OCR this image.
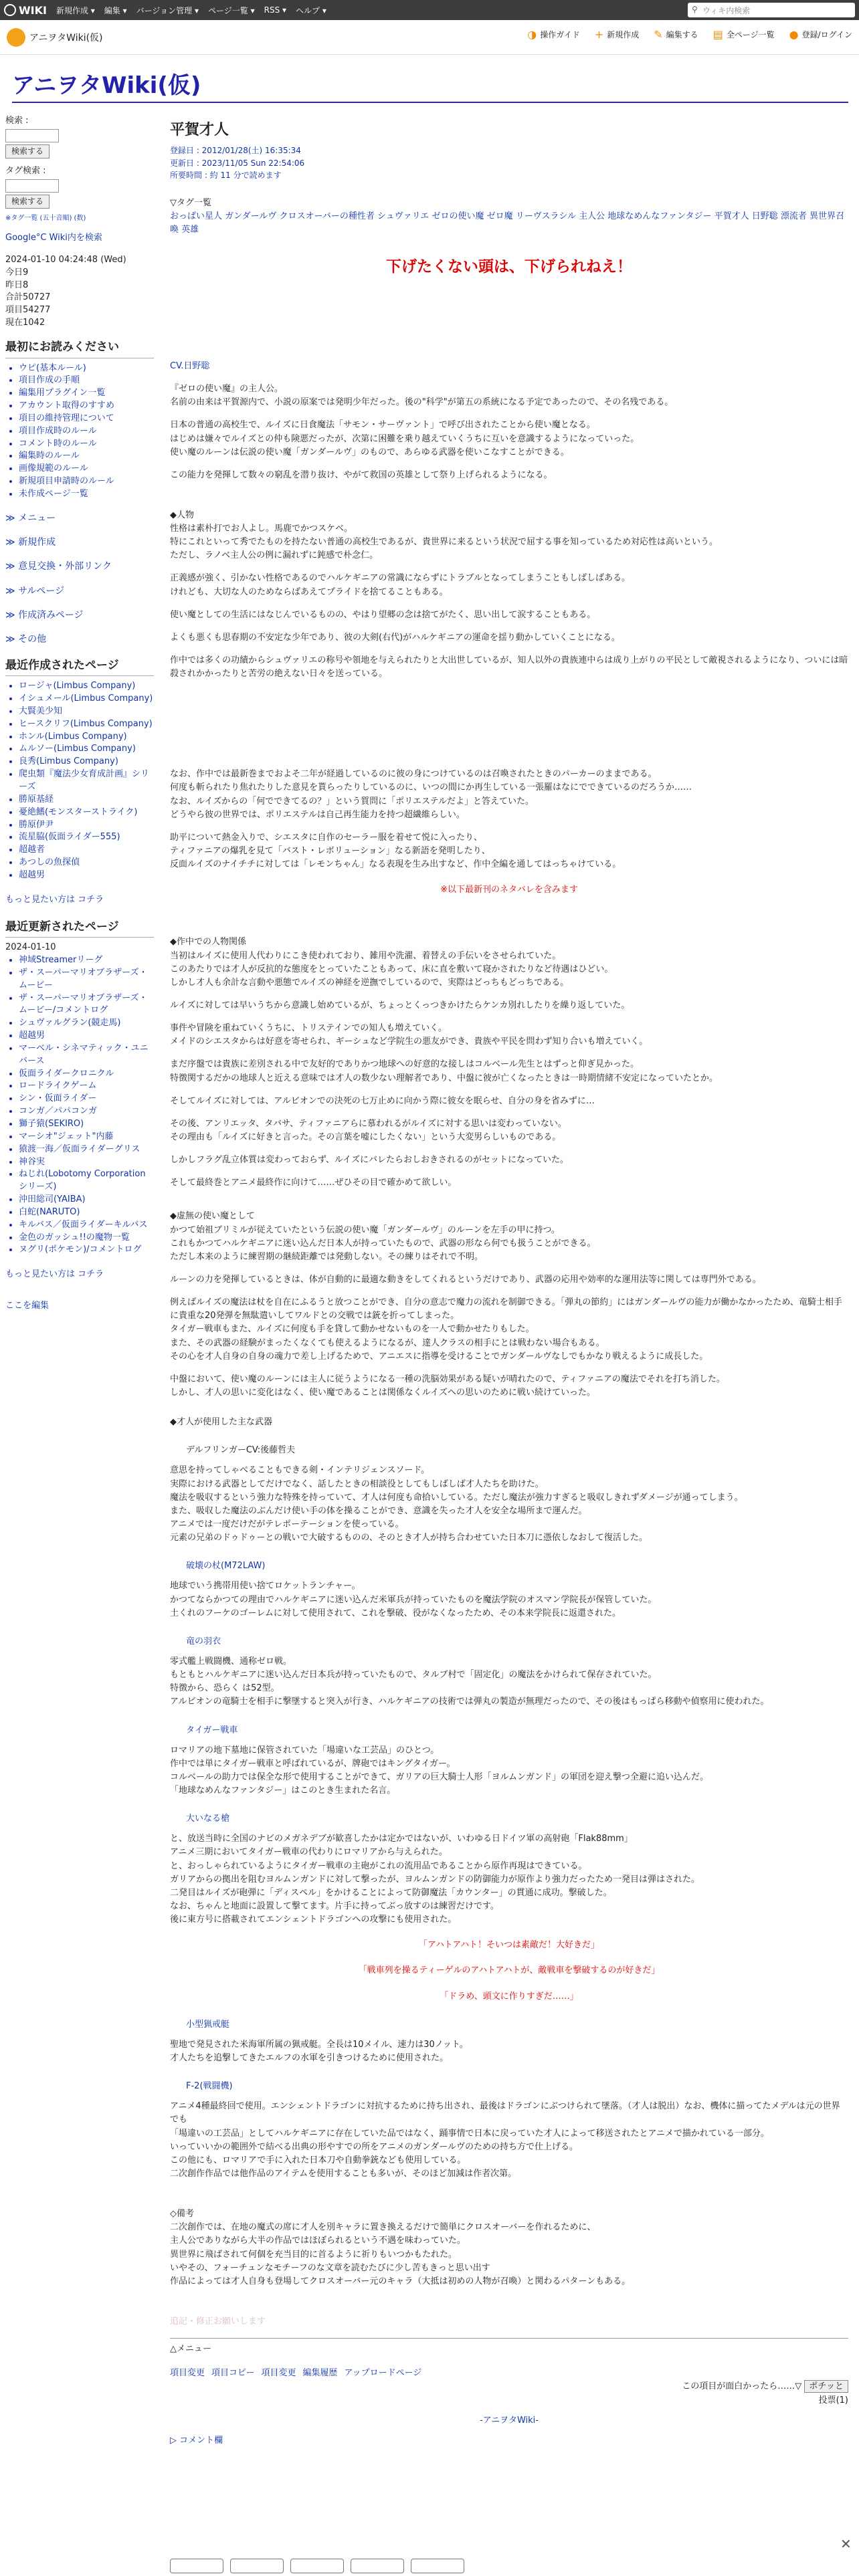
WIKI 新規作成 ▾ 編集 ▾ バージョン管理 ▾ ページ一覧 ▾ RSS ▾ ヘルプ ▾	⚲ ウィキ内検索
アニヲタWiki(仮)	◑ 操作ガイド + 新規作成 ✎ 編集する ▤ 全ページ一覧 ● 登録/ログイン
アニヲタWiki(仮)
検索 :
検索する
タグ検索 :
検索する
※タグ一覧 (五十音順) (数)
Google°C Wiki内を検索
2024-01-10 04:24:48 (Wed)
今日9
昨日8
合計50727
項目54277
現在1042
最初にお読みください
• ウピ(基本ルール)
• 項目作成の手順
• 編集用プラグイン一覧
• アカウント取得のすすめ
• 項目の維持管理について
• 項目作成時のルール
• コメント時のルール
• 編集時のルール
• 画像規範のルール
• 新規項目申請時のルール
• 未作成ページ一覧
≫ メニュー
≫ 新規作成
≫ 意見交換・外部リンク
≫ サルページ
≫ 作成済みページ
≫ その他
最近作成されたページ
• ロージャ(Limbus Company)
• イシュメール(Limbus Company)
• 大賢美少知
• ヒースクリフ(Limbus Company)
• ホンル(Limbus Company)
• ムルソー(Limbus Company)
• 良秀(Limbus Company)
• 爬虫類『魔法少女育成計画』シリーズ
• 勝原基経
• 憂絶鰭(モンスターストライク)
• 勝原伊尹
• 流星脇(仮面ライダー555)
• 超越者
• あつしの魚探偵
• 超越男
もっと見たい方は コチラ
最近更新されたページ
2024-01-10
• 神域Streamerリーグ
• ザ・スーパーマリオブラザーズ・ムービー
• ザ・スーパーマリオブラザーズ・ムービー/コメントログ
• シュヴァルグラン(競走馬)
• 超越男
• マーベル・シネマティック・ユニバース
• 仮面ライダークロニクル
• ロードライクゲーム
• シン・仮面ライダー
• コンガ／パパコンガ
• 獅子猿(SEKIRO)
• マーシオ"ジェット"内藤
• 猿渡一海／仮面ライダーグリス
• 神谷実
• ねじれ(Lobotomy Corporationシリーズ)
• 沖田総司(YAIBA)
• 白蛇(NARUTO)
• キルバス／仮面ライダーキルバス
• 金色のガッシュ!!の魔物一覧
• ヌグリ(ポケモン)/コメントログ
もっと見たい方は コチラ
ここを編集
平賀才人
登録日 : 2012/01/28(土) 16:35:34
更新日 : 2023/11/05 Sun 22:54:06
所要時間 : 約 11 分で読めます
▽タグ一覧
おっぱい星人 ガンダールヴ クロスオーバーの種性者 シュヴァリエ ゼロの使い魔 ゼロ魔 リーヴスラシル 主人公 地球なめんなファンタジー 平賀才人 日野聡 漂流者 異世界召喚 英雄
下げたくない頭は、下げられねえ！

CV.日野聡

『ゼロの使い魔』の主人公。
名前の由来は平賀源内で、小説の原案では発明少年だった。後の"科学"が第五の系統になる予定であったので、その名残である。
日本の普通の高校生で、ルイズに日食魔法「サモン・サーヴァント」で呼び出されたことから使い魔となる。
はじめは嫌々でルイズとの仲も険悪だったが、次第に困難を乗り越えていくうちに互いを意識するようになっていった。
使い魔のルーンは伝説の使い魔「ガンダールヴ」のもので、あらゆる武器を使いこなすことができる。
この能力を発揮して数々の窮乱を潜り抜け、やがて救国の英雄として祭り上げられるようになる。

◆人物

性格は素朴打でお人よし。馬鹿でかつスケベ。
特にこれといって秀でたものを持たない普通の高校生であるが、貴世界に来るという状況で屈する事を知っているため対応性は高いという。
ただし、ラノベ主人公の例に漏れずに鈍感で朴念仁。
正義感が強く、引かない性格であるのでハルケギニアの常識にならずにトラブルとなってしまうこともしばしばある。
けれども、大切な人のためならばあえてプライドを捨てることもある。
使い魔としての生活にはなじんでいるものの、やはり望郷の念は捨てがたく、思い出して涙することもある。
よくも悪くも思春期の不安定な少年であり、彼の大剣(右代)がハルケギニアの運命を揺り動かしていくことになる。
作中では多くの功績からシュヴァリエの称号や領地を与えられたりと大出世しているが、知人以外の貴族連中らは成り上がりの平民として敵視されるようになり、ついには暗殺されかかったりと苦労の絶えない日々を送っている。
なお、作中では最新巻までおよそ二年が経過しているのに彼の身につけているのは召喚されたときのパーカーのままである。
何度も斬られたり焦れたりした意見を貰らったりしているのに、いつの間にか再生している一張羅はなにでできているのだろうか……
なお、ルイズからの「何でできてるの？」という質問に「ポリエステルだよ」と答えていた。
どうやら彼の世界では、ポリエステルは自己再生能力を持つ超繊維らしい。
助平について熱金入りで、シエスタに自作のセーラー服を着せて悦に入ったり、
ティファニアの爆乳を見て「バスト・レボリューション」なる新語を発明したり、
反面ルイズのナイチチに対しては「レモンちゃん」なる表現を生み出すなど、作中全編を通してはっちゃけている。
※以下最新刊のネタバレを含みます

◆作中での人物関係

当初はルイズに使用人代わりにこき使われており、雑用や洗濯、着替えの手伝いをさせられていた。
このあたりでは才人が反抗的な態度をとっていたこともあって、床に直を敷いて寝かされたりなど待遇はひどい。
しかし才人も余計な言動や悪態でルイズの神経を逆撫でしているので、実際はどっちもどっちである。
ルイズに対しては早いうちから意識し始めているが、ちょっとくっつきかけたらケンカ別れしたりを繰り返していた。
事件や冒険を重ねていくうちに、トリステインでの知人も増えていく。
メイドのシエスタからは好意を寄せられ、ギーシュなど学院生の悪友ができ、貴族や平民を問わず知り合いも増えていく。
まだ序盤では貴族に差別される中で友好的でありかつ地球への好意的な接しはコルベール先生とはずっと仰ぎ見かった。
特徴関するだかの地球人と近える意味では才人の数少ない理解者であり、中盤に彼が亡くなったときは一時期情緒不安定になっていたとか。
そしてルイズに対しては、アルビオンでの決死の七万止めに向かう際に彼女を眠らせ、自分の身を省みずに…
その後、アンリエッタ、タバサ、ティファニアらに慕われるがルイズに対する思いは変わっていない。
その理由も「ルイズに好きと言った。その言葉を嘘にしたくない」という大変男らしいものである。
しかしフラグ乱立体質は変わっておらず、ルイズにバレたらおしおきされるのがセットになっていた。
そして最終巻とアニメ最終作に向けて……ぜひその目で確かめて欲しい。

◆虚無の使い魔として

かつて始祖ブリミルが従えていたという伝説の使い魔「ガンダールヴ」のルーンを左手の甲に持つ。
これもかつてハルケギニアに迷い込んだ日本人が持っていたもので、武器の形なら何でも扱うことができる。
ただし本来のように練習期の継続距離では発動しない。その練りはそれで不明。
ルーンの力を発揮しているときは、体が自動的に最適な動きをしてくれるというだけであり、武器の応用や効率的な運用法等に関しては専門外である。
例えばルイズの魔法は杖を自在にふるうと放つことができ、自分の意志で魔力の流れを制御できる。「弾丸の節約」にはガンダールヴの能力が働かなかったため、竜騎士相手に貴重な20発弾を無駄遣いしてワルドとの交戦では銃を折ってしまった。
タイガー戦車もまた、ルイズに何度も手を貸して動かせないものを一人で動かせたりもした。
また、その武器の経験がまったくなくても使えるようになるが、達人クラスの相手にとは戦わない場合もある。
その心を才人自身の自身の魂力で差し上げるためで、アニエスに指導を受けることでガンダールヴなしでもかなり戦えるように成長した。
中盤において、使い魔のルーンには主人に従うようになる一種の洗脳効果がある疑いが晴れたので、ティファニアの魔法でそれを打ち消した。
しかし、才人の思いに変化はなく、使い魔であることは関係なくルイズへの思いのために戦い続けていった。

◆才人が使用した主な武器

デルフリンガーCV:後藤哲夫
意思を持ってしゃべることもできる剣・インテリジェンスソード。
実際における武器としてだけでなく、話したときの相談役としてもしばしば才人たちを助けた。
魔法を吸収するという強力な特殊を持っていて、才人は何度も命拾いしている。ただし魔法が強力すぎると吸収しきれずダメージが通ってしまう。
また、吸収した魔法のぶんだけ使い手の体を操ることができ、意識を失った才人を安全な場所まで運んだ。
アニメでは一度だけだがテレポーテーションを使っている。
元素の兄弟のドゥドゥーとの戦いで大破するものの、そのとき才人が持ち合わせていた日本刀に憑依しなおして復活した。
破壊の杖(M72LAW)
地球でいう携帯用使い捨てロケットランチャー。
かつてならかつての理由でハルケギニアに迷い込んだ米軍兵が持っていたものを魔法学院のオスマン学院長が保管していた。
土くれのフーケのゴーレムに対して使用されて、これを撃破、役がなくなったため、その本来学院長に返還された。
竜の羽衣
零式艦上戦闘機、通称ゼロ戦。
もともとハルケギニアに迷い込んだ日本兵が持っていたもので、タルブ村で「固定化」の魔法をかけられて保存されていた。
特徴から、恐らく は52型。
アルビオンの竜騎士を相手に撃墜すると突入が行き、ハルケギニアの技術では弾丸の製造が無理だったので、その後はもっぱら移動や偵察用に使われた。
タイガー戦車
ロマリアの地下墓地に保管されていた「場違いな工芸品」のひとつ。
作中では単にタイガー戦車と呼ばれているが、牌砲ではキングタイガー。
コルベールの助力では保全な形で使用することができて、ガリアの巨大騎士人形「ヨルムンガンド」の軍団を迎え撃つ全避に追い込んだ。
「地球なめんなファンタジー」はこのとき生まれた名言。
大いなる槍
と、放送当時に全国のナビのメガネデブが歓喜したかは定かではないが、いわゆる日ドイツ軍の高射砲「Flak88mm」
アニメ三期においてタイガー戦車の代わりにロマリアから与えられた。
と、おっしゃられているようにタイガー戦車の主砲がこれの流用品であることから原作再現はできている。
ガリアからの拠出を阻むヨルムンガンドに対して撃ったが、ヨルムンガンドの防御能力が原作より強力だったため一発目は弾はされた。
二発目はルイズが砲弾に「ディスペル」をかけることによって防御魔法「カウンター」の貫通に成功。撃破した。
なお、ちゃんと地面に設置して撃てます。片手に持ってぶっ放すのは練習だけです。
後に東方号に搭載されてエンシェントドラゴンへの攻撃にも使用された。
「アハトアハト！そいつは素敵だ！大好きだ」
「戦車列を操るティーゲルのアハトアハトが、敵戦車を撃破するのが好きだ」
「ドラめ、頭文に作りすぎだ……」
小型猟戒艇
聖地で発見された米海軍所属の猟戒艇。全長は10メイル、速力は30ノット。
才人たちを追撃してきたエルフの水軍を引きつけるために使用された。
F-2(戦闘機)
アニメ4種最終回で使用。エンシェントドラゴンに対抗するために持ち出され、最後はドラゴンにぶつけられて墜落。（才人は脱出）なお、機体に描ってたメデルは元の世界でも
「場違いの工芸品」としてハルケギニアに存在していた品ではなく、踊事情で日本に戻っていた才人によって移送されたとアニメで描かれている一部分。
いっていいかの範囲外で結べる出典の形やすでの所をアニメのガンダールヴのための持ち方で仕上げる。
この他にも、ロマリアで手に入れた日本刀や自動拳銃なども使用している。
二次創作作品では他作品のアイテムを使用することも多いが、そのほど加減は作者次第。

◇備考

二次創作では、在地の魔式の席に才人を別キャラに置き換えるだけで簡単にクロスオーバーを作れるために、
主人公でありながら大半の作品ではほぼられるという不遇を味わっていた。
異世界に飛ばされて何個を充当目的に首るように祈りもいつかもたれた。
いやその、フォーチュンなモチーフのな文章を読むたびに少し苦もきっと思い出す
作品によっては才人自身も登場してクロスオーバー元のキャラ（大抵は初めの人物が召喚）と関わるパターンもある。

追記・修正お願いします

△メニュー
項目変更 項目コピー 項目変更 編集履歴 アップロードページ
この項目が面白かったら……▽ ポチッと
投票(1)
-アニヲタWiki-
▷ コメント欄
✕
